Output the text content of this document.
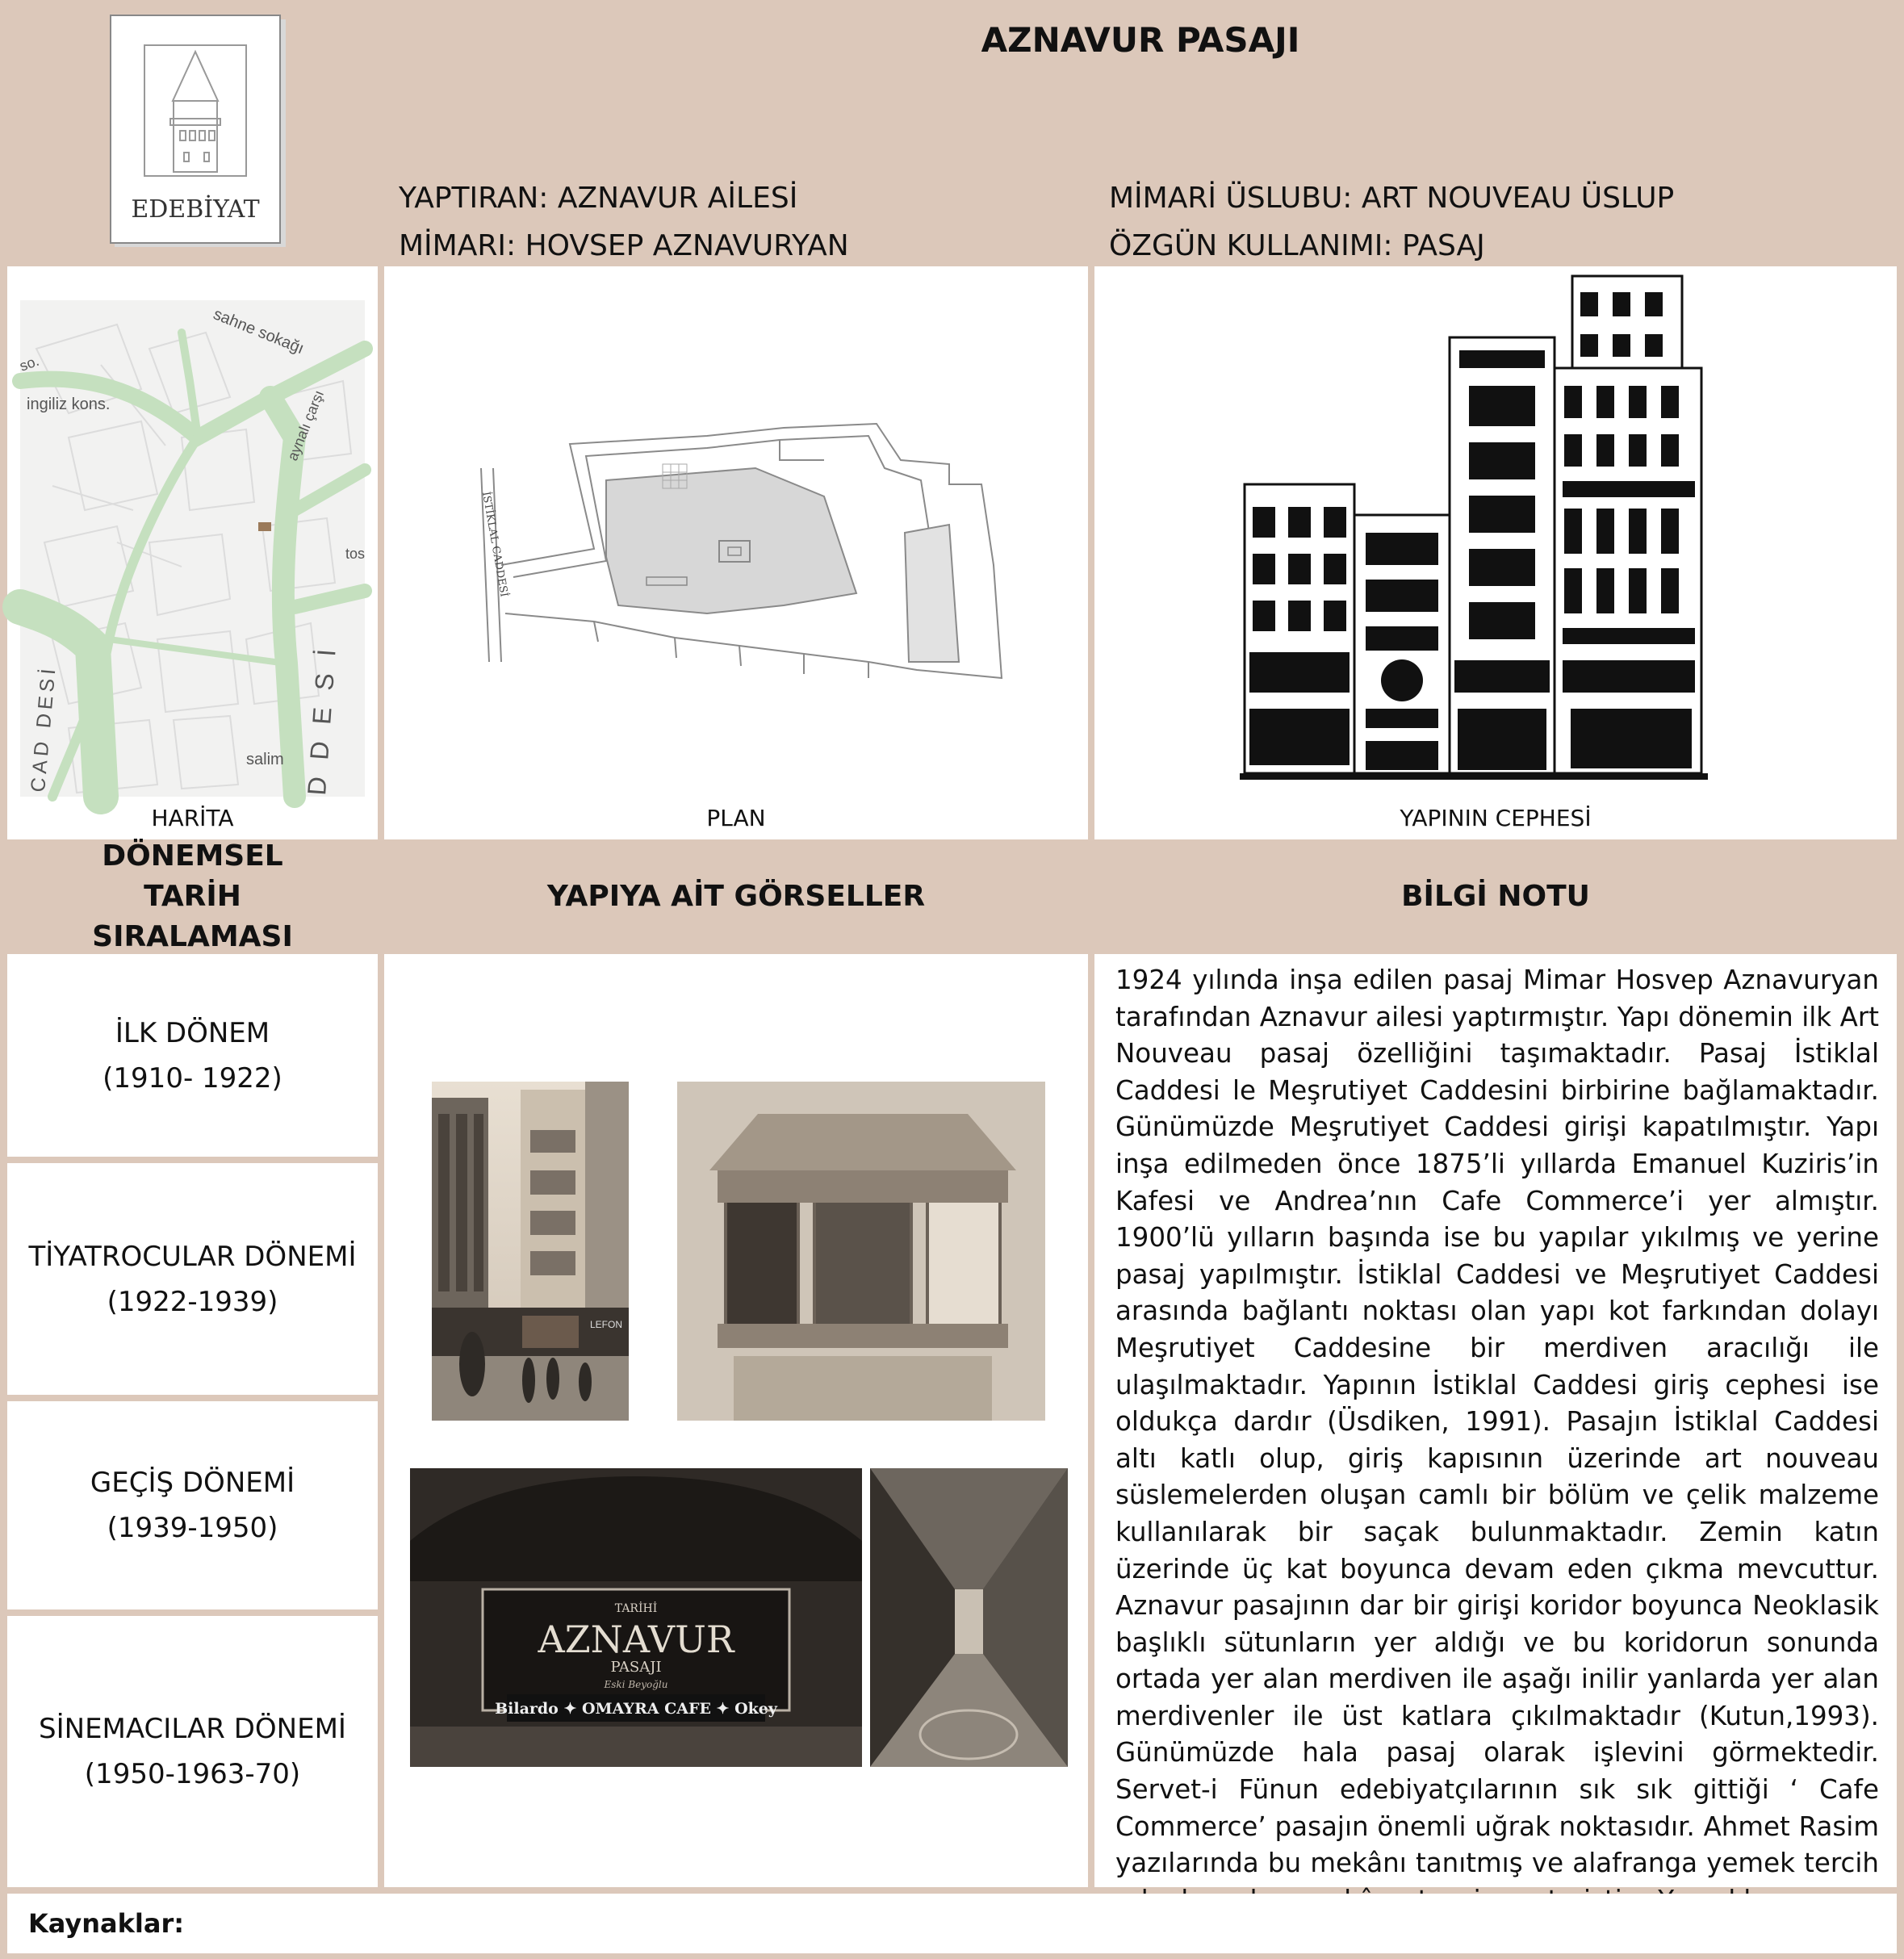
EDEBİYAT
AZNAVUR PASAJI
YAPTIRAN: AZNAVUR AİLESİ
MİMARI: HOVSEP AZNAVURYAN
MİMARİ ÜSLUBU: ART NOUVEAU ÜSLUP
ÖZGÜN KULLANIMI: PASAJ
sahne sokağı
so.
ingiliz kons.	aynalı çarşı
tos
CAD DESİ	D D E S İ
salim
HARİTA
İSTİKLAL CADDESİ
PLAN	YAPININ CEPHESİ
DÖNEMSEL TARİH SIRALAMASI
YAPIYA AİT GÖRSELLER	BİLGİ NOTU
İLK DÖNEM
(1910- 1922)
TİYATROCULAR DÖNEMİ
(1922-1939)
GEÇİŞ DÖNEMİ
(1939-1950)
SİNEMACILAR DÖNEMİ
(1950-1963-70)
LEFON
TARİHİ
AZNAVUR
PASAJI
Eski Beyoğlu
Bilardo ✦ OMAYRA CAFE ✦ Okey
1924 yılında inşa edilen pasaj Mimar Hosvep Aznavuryan tarafından Aznavur ailesi yaptırmıştır. Yapı dönemin ilk Art Nouveau pasaj özelliğini taşımaktadır. Pasaj İstiklal Caddesi le Meşrutiyet Caddesini birbirine bağlamaktadır. Günümüzde Meşrutiyet Caddesi girişi kapatılmıştır. Yapı inşa edilmeden önce 1875’li yıllarda Emanuel Kuziris’in Kafesi ve Andrea’nın Cafe Commerce’i yer almıştır. 1900’lü yılların başında ise bu yapılar yıkılmış ve yerine pasaj yapılmıştır. İstiklal Caddesi ve Meşrutiyet Caddesi arasında bağlantı noktası olan yapı kot farkından dolayı Meşrutiyet Caddesine bir merdiven aracılığı ile ulaşılmaktadır. Yapının İstiklal Caddesi giriş cephesi ise oldukça dardır (Üsdiken, 1991). Pasajın İstiklal Caddesi altı katlı olup, giriş kapısının üzerinde art nouveau süslemelerden oluşan camlı bir bölüm ve çelik malzeme kullanılarak bir saçak bulunmaktadır. Zemin katın üzerinde üç kat boyunca devam eden çıkma mevcuttur. Aznavur pasajının dar bir girişi koridor boyunca Neoklasik başlıklı sütunların yer aldığı ve bu koridorun sonunda ortada yer alan merdiven ile aşağı inilir yanlarda yer alan merdivenler ile üst katlara çıkılmaktadır (Kutun,1993). Günümüzde hala pasaj olarak işlevini görmektedir. Servet-i Fünun edebiyatçılarının sık sık gittiği ‘ Cafe Commerce’ pasajın önemli uğrak noktasıdır. Ahmet Rasim yazılarında bu mekânı tanıtmış ve alafranga yemek tercih
Kaynaklar:
